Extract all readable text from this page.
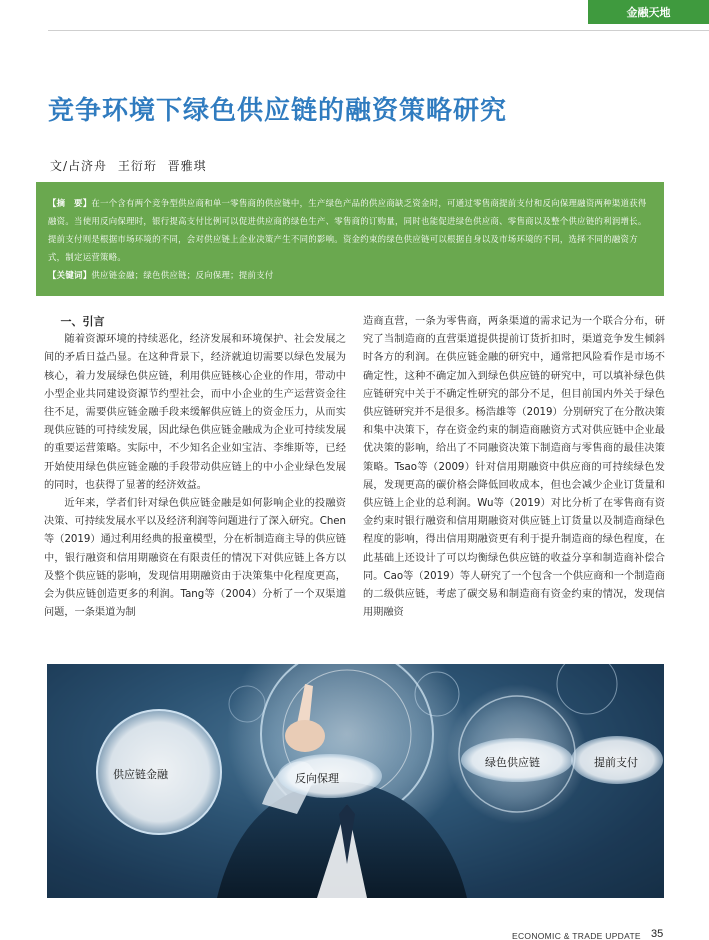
金融天地
竞争环境下绿色供应链的融资策略研究
文/占济舟 王衍珩 晋雅琪

【摘　要】在一个含有两个竞争型供应商和单一零售商的供应链中，生产绿色产品的供应商缺乏资金时，可通过零售商提前支付和反向保理融资两种渠道获得融资。当使用反向保理时，银行提高支付比例可以促进供应商的绿色生产、零售商的订购量，同时也能促进绿色供应商、零售商以及整个供应链的利润增长。提前支付则是根据市场环境的不同，会对供应链上企业决策产生不同的影响。资金约束的绿色供应链可以根据自身以及市场环境的不同，选择不同的融资方式，制定运营策略。

【关键词】供应链金融；绿色供应链；反向保理；提前支付

一、引言

随着资源环境的持续恶化，经济发展和环境保护、社会发展之间的矛盾日益凸显。在这种背景下，经济就迫切需要以绿色发展为核心，着力发展绿色供应链，利用供应链核心企业的作用，带动中小型企业共同建设资源节约型社会，而中小企业的生产运营资金往往不足，需要供应链金融手段来缓解供应链上的资金压力，从而实现供应链的可持续发展，因此绿色供应链金融成为企业可持续发展的重要运营策略。实际中，不少知名企业如宝洁、李维斯等，已经开始使用绿色供应链金融的手段带动供应链上的中小企业绿色发展的同时，也获得了显著的经济效益。

近年来，学者们针对绿色供应链金融是如何影响企业的投融资决策、可持续发展水平以及经济利润等问题进行了深入研究。Chen等（2019）通过利用经典的报童模型，分在析制造商主导的供应链中，银行融资和信用期融资在有限责任的情况下对供应链上各方以及整个供应链的影响，发现信用期融资由于决策集中化程度更高，会为供应链创造更多的利润。Tang等（2004）分析了一个双渠道问题，一条渠道为制

造商直营，一条为零售商，两条渠道的需求记为一个联合分布，研究了当制造商的直营渠道提供提前订货折扣时，渠道竞争发生倾斜时各方的利润。在供应链金融的研究中，通常把风险看作是市场不确定性，这种不确定加入到绿色供应链的研究中，可以填补绿色供应链研究中关于不确定性研究的部分不足，但目前国内外关于绿色供应链研究并不是很多。杨浩雄等（2019）分别研究了在分散决策和集中决策下，存在资金约束的制造商融资方式对供应链中企业最优决策的影响，给出了不同融资决策下制造商与零售商的最佳决策策略。Tsao等（2009）针对信用期融资中供应商的可持续绿色发展，发现更高的碳价格会降低回收成本，但也会减少企业订货量和供应链上企业的总利润。Wu等（2019）对比分析了在零售商有资金约束时银行融资和信用期融资对供应链上订货量以及制造商绿色程度的影响，得出信用期融资更有利于提升制造商的绿色程度，在此基础上还设计了可以均衡绿色供应链的收益分享和制造商补偿合同。Cao等（2019）等人研究了一个包含一个供应商和一个制造商的二级供应链，考虑了碳交易和制造商有资金约束的情况，发现信用期融资

供应链金融	反向保理
绿色供应链	提前支付
ECONOMIC & TRADE UPDATE 35
